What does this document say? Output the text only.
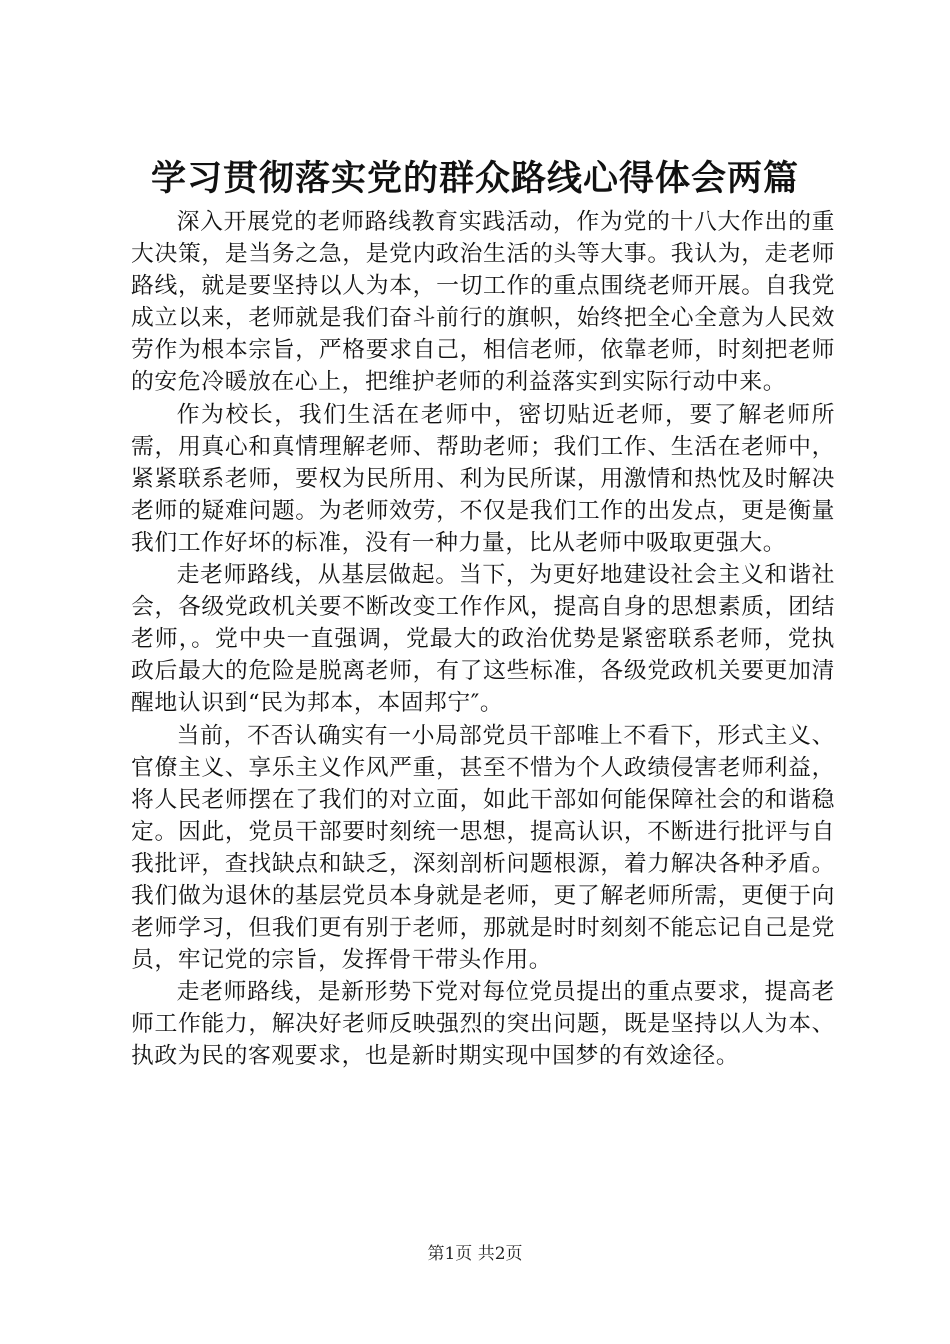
学习贯彻落实党的群众路线心得体会两篇

深入开展党的老师路线教育实践活动，作为党的十八大作出的重大决策，是当务之急，是党内政治生活的头等大事。我认为，走老师路线，就是要坚持以人为本，一切工作的重点围绕老师开展。自我党成立以来，老师就是我们奋斗前行的旗帜，始终把全心全意为人民效劳作为根本宗旨，严格要求自己，相信老师，依靠老师，时刻把老师的安危冷暖放在心上，把维护老师的利益落实到实际行动中来。

作为校长，我们生活在老师中，密切贴近老师，要了解老师所需，用真心和真情理解老师、帮助老师；我们工作、生活在老师中，紧紧联系老师，要权为民所用、利为民所谋，用激情和热忱及时解决老师的疑难问题。为老师效劳，不仅是我们工作的出发点，更是衡量我们工作好坏的标准，没有一种力量，比从老师中吸取更强大。

走老师路线，从基层做起。当下，为更好地建设社会主义和谐社会，各级党政机关要不断改变工作作风，提高自身的思想素质，团结老师，。党中央一直强调，党最大的政治优势是紧密联系老师，党执政后最大的危险是脱离老师，有了这些标准，各级党政机关要更加清醒地认识到“民为邦本，本固邦宁″。

当前，不否认确实有一小局部党员干部唯上不看下，形式主义、官僚主义、享乐主义作风严重，甚至不惜为个人政绩侵害老师利益，将人民老师摆在了我们的对立面，如此干部如何能保障社会的和谐稳定。因此，党员干部要时刻统一思想，提高认识，不断进行批评与自我批评，查找缺点和缺乏，深刻剖析问题根源，着力解决各种矛盾。我们做为退休的基层党员本身就是老师，更了解老师所需，更便于向老师学习，但我们更有别于老师，那就是时时刻刻不能忘记自己是党员，牢记党的宗旨，发挥骨干带头作用。

走老师路线，是新形势下党对每位党员提出的重点要求，提高老师工作能力，解决好老师反映强烈的突出问题，既是坚持以人为本、执政为民的客观要求，也是新时期实现中国梦的有效途径。

第1页 共2页
